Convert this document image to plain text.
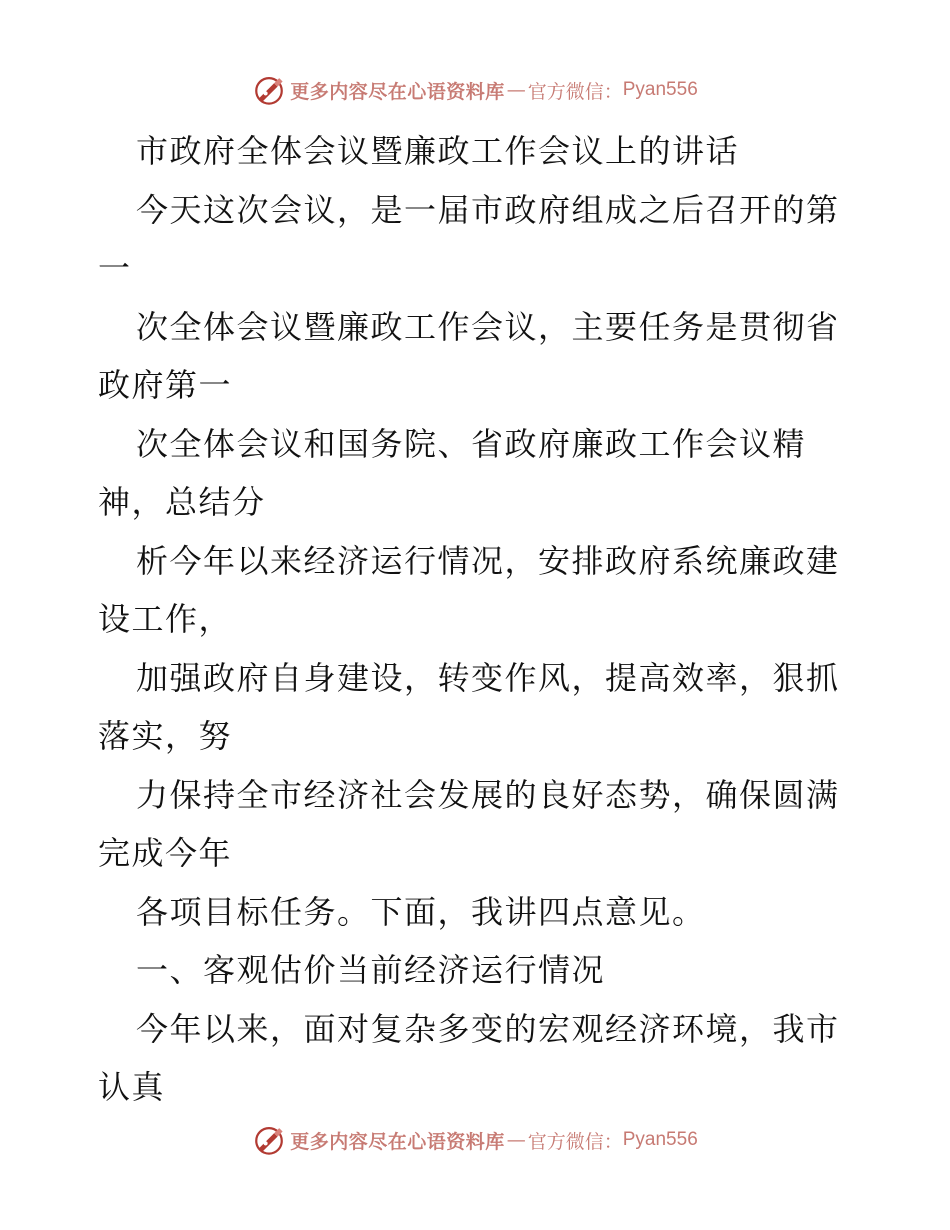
更多内容尽在心语资料库 — 官方微信： Pyan556
市政府全体会议暨廉政工作会议上的讲话
今天这次会议，是一届市政府组成之后召开的第
一
次全体会议暨廉政工作会议，主要任务是贯彻省
政府第一
次全体会议和国务院、省政府廉政工作会议精
神，总结分
析今年以来经济运行情况，安排政府系统廉政建
设工作，
加强政府自身建设，转变作风，提高效率，狠抓
落实，努
力保持全市经济社会发展的良好态势，确保圆满
完成今年
各项目标任务。下面，我讲四点意见。
一、客观估价当前经济运行情况
今年以来，面对复杂多变的宏观经济环境，我市
认真
更多内容尽在心语资料库 — 官方微信： Pyan556
